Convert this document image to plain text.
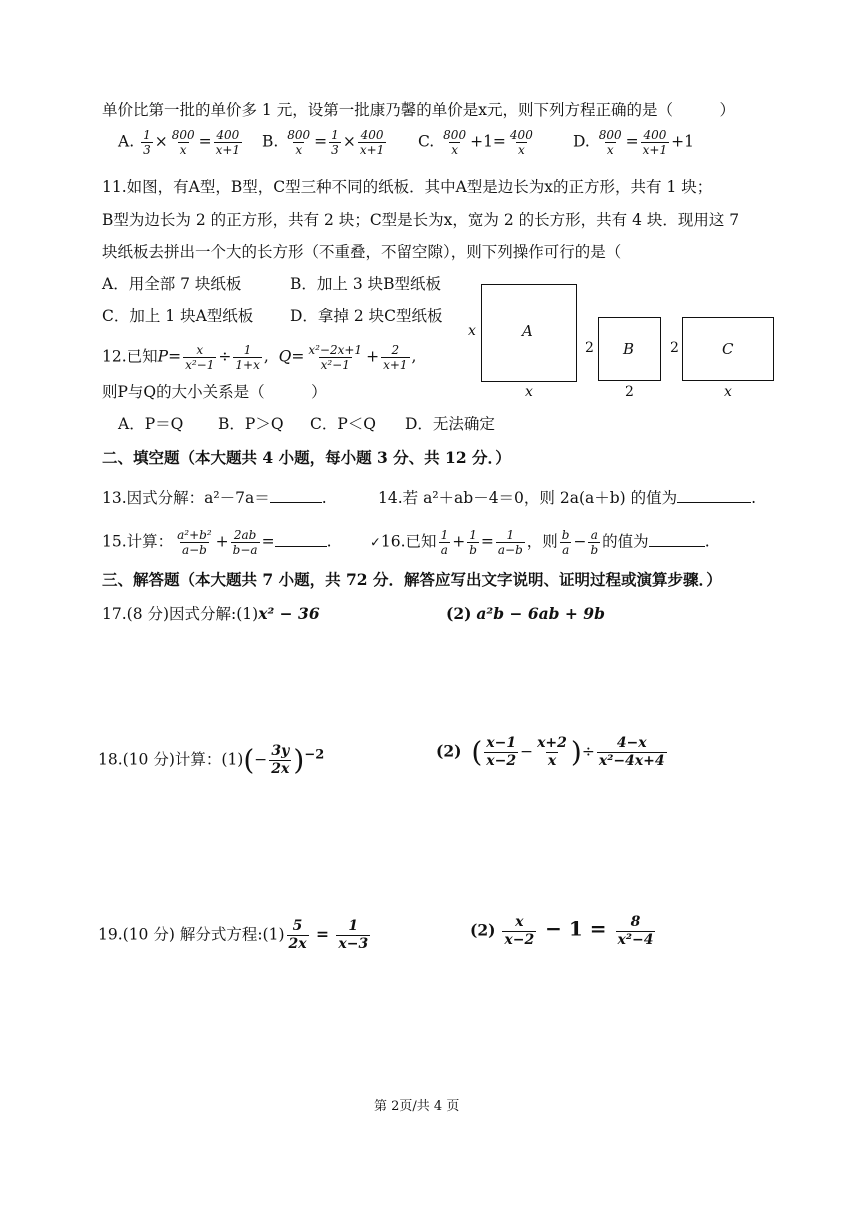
单价比第一批的单价多 1 元，设第一批康乃馨的单价是x元，则下列方程正确的是（　　　）
A. $\frac{1}{3} \times \frac{800}{x} = \frac{400}{x+1} B$. $\frac{800}{x} = \frac{1}{3} \times \frac{400}{x+1} C$. $\frac{800}{x} +1= \frac{400}{x} D$. $\frac{800}{x} = \frac{400}{x+1} +1$
11.如图，有A型，B型，C型三种不同的纸板．其中A型是边长为x的正方形，共有 1 块；
B型为边长为 2 的正方形，共有 2 块；C型是长为x，宽为 2 的长方形，共有 4 块．现用这 7
块纸板去拼出一个大的长方形（不重叠，不留空隙），则下列操作可行的是（
A．用全部 7 块纸板	B．加上 3 块B型纸板
C．加上 1 块A型纸板 D．拿掉 2 块C型纸板
A
x
x
B
2
2
C
2
x
12.已知$P= \frac{x}{\text{x²−1}} \div \frac{1}{1+x}$ ,  $Q= \frac{\text{x²−2x+1}}{\text{x²−1}} + \frac{2}{x+1}$ ,
则P与Q的大小关系是（　　　）
A．P＝Q B．P＞Q C．P＜Q D．无法确定
二、填空题（本大题共 4 小题，每小题 3 分、共 12 分．）
13.因式分解：a²－7a＝	.	14.若 a²＋ab－4＝0，则 2a(a＋b) 的值为	.
15.计算： $\frac{\text{a²+b²}}{a-b} + \frac{2ab}{b-a}$ =	.	✓16.已知 $\frac{1}{a} + \frac{1}{b} = \frac{1}{a-b}$ ，则 $\frac{b}{a} - \frac{a}{b}$ 的值为	.
三、解答题（本大题共 7 小题，共 72 分．解答应写出文字说明、证明过程或演算步骤．）
17.(8 分)因式分解:(1)x² − 36	(2) a²b − 6ab + 9b
18.(10 分)计算：$(1)(- \frac{3y}{2x} )^{-2}$	(2) ( $\frac{x-1}{x-2} - \frac{x+2}{x}$ )÷ $\frac{4-x}{\text{x²−4x+4}}$
19.(10 分) 解分式方程:(1) $\frac{5}{2x} = \frac{1}{x-3}$	$(2) \frac{x}{x-2} - 1 = \frac{8}{\text{x²−4}}$
第 2页/共 4 页
